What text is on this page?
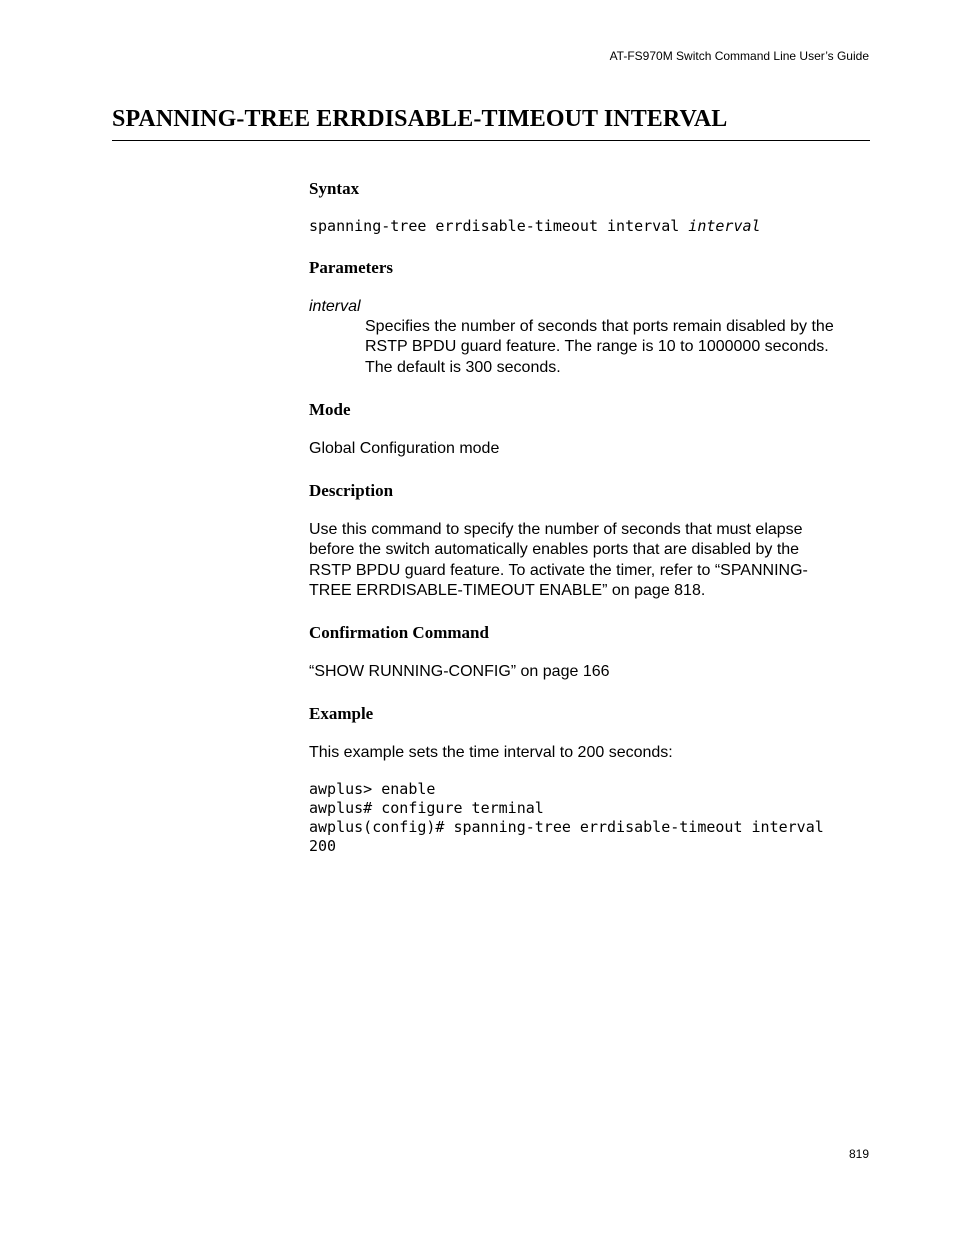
AT-FS970M Switch Command Line User’s Guide
SPANNING-TREE ERRDISABLE-TIMEOUT INTERVAL
Syntax
spanning-tree errdisable-timeout interval interval
Parameters

interval

Specifies the number of seconds that ports remain disabled by the
RSTP BPDU guard feature. The range is 10 to 1000000 seconds.
The default is 300 seconds.

Mode

Global Configuration mode

Description

Use this command to specify the number of seconds that must elapse
before the switch automatically enables ports that are disabled by the
RSTP BPDU guard feature. To activate the timer, refer to “SPANNING-
TREE ERRDISABLE-TIMEOUT ENABLE” on page 818.

Confirmation Command

“SHOW RUNNING-CONFIG” on page 166

Example

This example sets the time interval to 200 seconds:

awplus> enable
awplus# configure terminal
awplus(config)# spanning-tree errdisable-timeout interval
200
819
